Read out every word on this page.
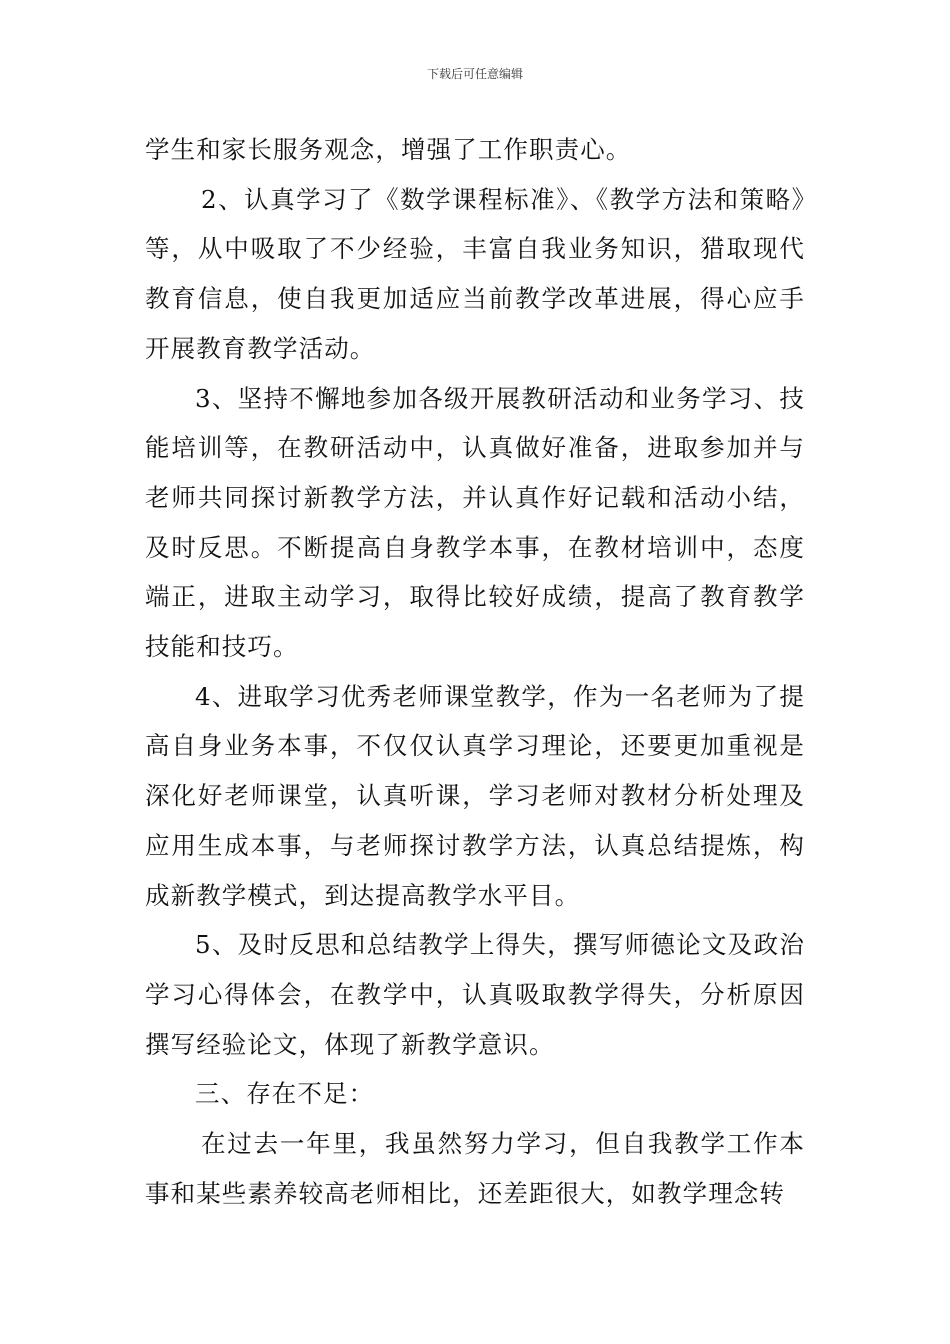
下载后可任意编辑

学生和家长服务观念，增强了工作职责心。

2、认真学习了《数学课程标准》、《教学方法和策略》等，从中吸取了不少经验，丰富自我业务知识，猎取现代教育信息，使自我更加适应当前教学改革进展，得心应手开展教育教学活动。

3、坚持不懈地参加各级开展教研活动和业务学习、技能培训等，在教研活动中，认真做好准备，进取参加并与老师共同探讨新教学方法，并认真作好记载和活动小结，及时反思。不断提高自身教学本事，在教材培训中，态度端正，进取主动学习，取得比较好成绩，提高了教育教学技能和技巧。

4、进取学习优秀老师课堂教学，作为一名老师为了提高自身业务本事，不仅仅认真学习理论，还要更加重视是深化好老师课堂，认真听课，学习老师对教材分析处理及应用生成本事，与老师探讨教学方法，认真总结提炼，构成新教学模式，到达提高教学水平目。

5、及时反思和总结教学上得失，撰写师德论文及政治学习心得体会，在教学中，认真吸取教学得失，分析原因撰写经验论文，体现了新教学意识。

三、存在不足：

在过去一年里，我虽然努力学习，但自我教学工作本事和某些素养较高老师相比，还差距很大，如教学理念转
